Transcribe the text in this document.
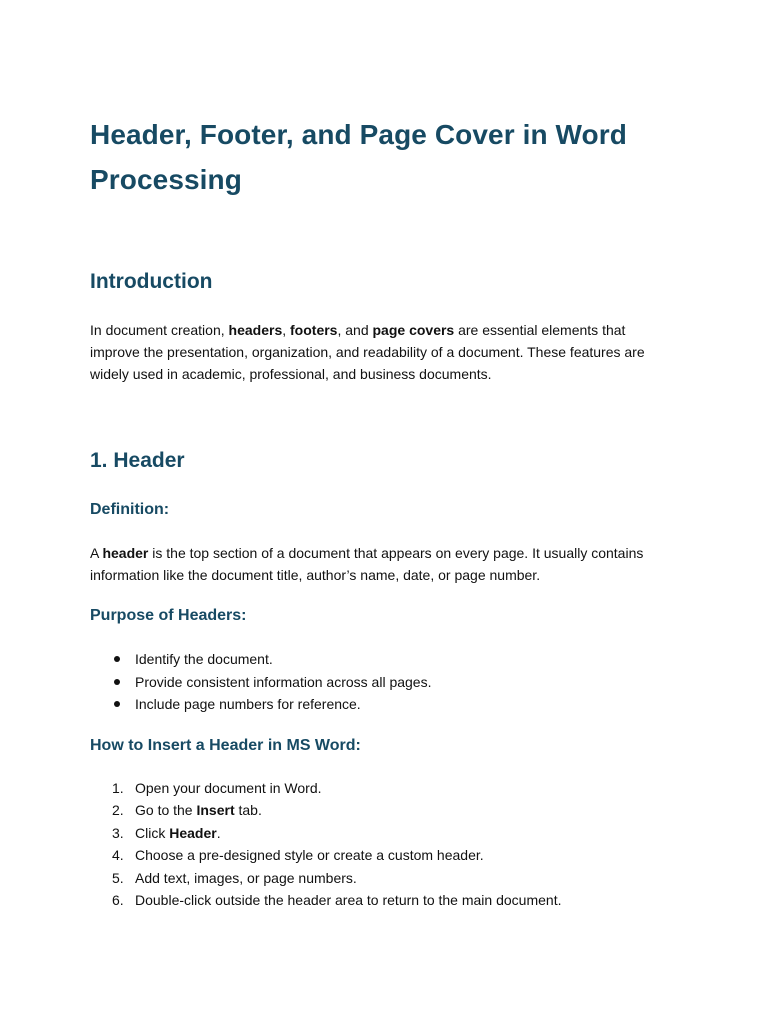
Header, Footer, and Page Cover in Word Processing
Introduction

In document creation, headers, footers, and page covers are essential elements that improve the presentation, organization, and readability of a document. These features are widely used in academic, professional, and business documents.

1. Header
Definition:

A header is the top section of a document that appears on every page. It usually contains information like the document title, author’s name, date, or page number.

Purpose of Headers:
Identify the document.
Provide consistent information across all pages.
Include page numbers for reference.
How to Insert a Header in MS Word:
1. Open your document in Word.
2. Go to the Insert tab.
3. Click Header.
4. Choose a pre-designed style or create a custom header.
5. Add text, images, or page numbers.
6. Double-click outside the header area to return to the main document.
